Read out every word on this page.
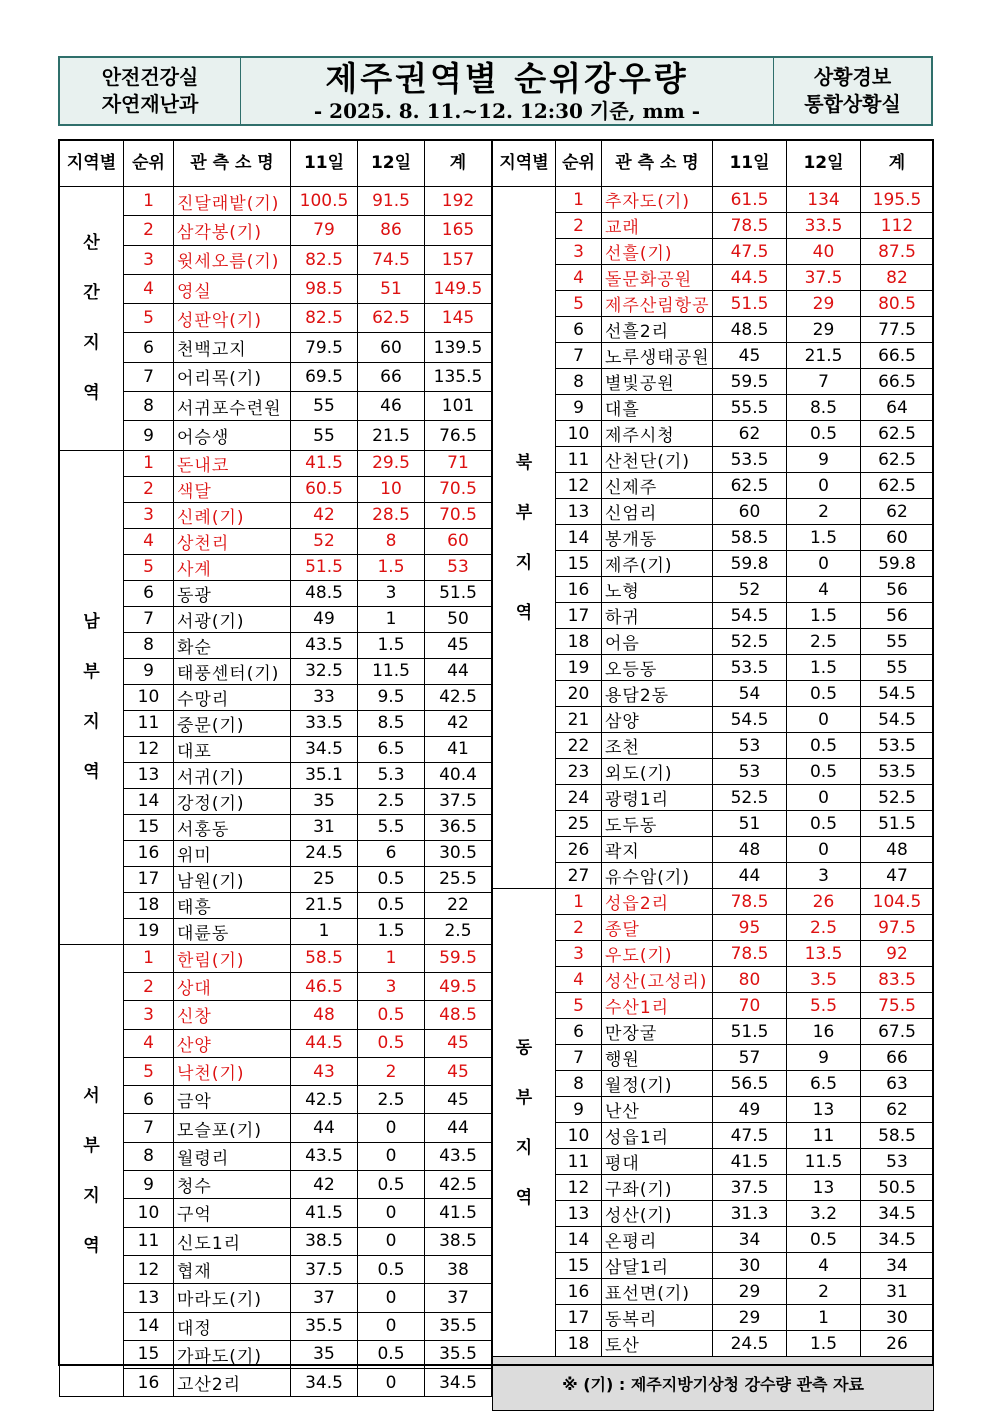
안전건강실
자연재난과
제주권역별 순위강우량
- 2025. 8. 11.~12. 12:30 기준, mm -
상황경보
통합상황실
지역별	순위	관 측 소 명	11일	12일	계
산
간
지
역	1	진달래밭(기)	100.5	91.5	192
	2	삼각봉(기)	79	86	165
	3	윗세오름(기)	82.5	74.5	157
	4	영실	98.5	51	149.5
	5	성판악(기)	82.5	62.5	145
	6	천백고지	79.5	60	139.5
	7	어리목(기)	69.5	66	135.5
	8	서귀포수련원	55	46	101
	9	어승생	55	21.5	76.5
남
부
지
역	1	돈내코	41.5	29.5	71
	2	색달	60.5	10	70.5
	3	신례(기)	42	28.5	70.5
	4	상천리	52	8	60
	5	사계	51.5	1.5	53
	6	동광	48.5	3	51.5
	7	서광(기)	49	1	50
	8	화순	43.5	1.5	45
	9	태풍센터(기)	32.5	11.5	44
	10	수망리	33	9.5	42.5
	11	중문(기)	33.5	8.5	42
	12	대포	34.5	6.5	41
	13	서귀(기)	35.1	5.3	40.4
	14	강정(기)	35	2.5	37.5
	15	서홍동	31	5.5	36.5
	16	위미	24.5	6	30.5
	17	남원(기)	25	0.5	25.5
	18	태흥	21.5	0.5	22
	19	대륜동	1	1.5	2.5
서
부
지
역	1	한림(기)	58.5	1	59.5
	2	상대	46.5	3	49.5
	3	신창	48	0.5	48.5
	4	산양	44.5	0.5	45
	5	낙천(기)	43	2	45
	6	금악	42.5	2.5	45
	7	모슬포(기)	44	0	44
	8	월령리	43.5	0	43.5
	9	청수	42	0.5	42.5
	10	구억	41.5	0	41.5
	11	신도1리	38.5	0	38.5
	12	협재	37.5	0.5	38
	13	마라도(기)	37	0	37
	14	대정	35.5	0	35.5
	15	가파도(기)	35	0.5	35.5
	16	고산2리	34.5	0	34.5
지역별	순위	관 측 소 명	11일	12일	계
북
부
지
역	1	추자도(기)	61.5	134	195.5
	2	교래	78.5	33.5	112
	3	선흘(기)	47.5	40	87.5
	4	돌문화공원	44.5	37.5	82
	5	제주산림항공	51.5	29	80.5
	6	선흘2리	48.5	29	77.5
	7	노루생태공원	45	21.5	66.5
	8	별빛공원	59.5	7	66.5
	9	대흘	55.5	8.5	64
	10	제주시청	62	0.5	62.5
	11	산천단(기)	53.5	9	62.5
	12	신제주	62.5	0	62.5
	13	신엄리	60	2	62
	14	봉개동	58.5	1.5	60
	15	제주(기)	59.8	0	59.8
	16	노형	52	4	56
	17	하귀	54.5	1.5	56
	18	어음	52.5	2.5	55
	19	오등동	53.5	1.5	55
	20	용담2동	54	0.5	54.5
	21	삼양	54.5	0	54.5
	22	조천	53	0.5	53.5
	23	외도(기)	53	0.5	53.5
	24	광령1리	52.5	0	52.5
	25	도두동	51	0.5	51.5
	26	곽지	48	0	48
	27	유수암(기)	44	3	47
동
부
지
역	1	성읍2리	78.5	26	104.5
	2	종달	95	2.5	97.5
	3	우도(기)	78.5	13.5	92
	4	성산(고성리)	80	3.5	83.5
	5	수산1리	70	5.5	75.5
	6	만장굴	51.5	16	67.5
	7	행원	57	9	66
	8	월정(기)	56.5	6.5	63
	9	난산	49	13	62
	10	성읍1리	47.5	11	58.5
	11	평대	41.5	11.5	53
	12	구좌(기)	37.5	13	50.5
	13	성산(기)	31.3	3.2	34.5
	14	온평리	34	0.5	34.5
	15	삼달1리	30	4	34
	16	표선면(기)	29	2	31
	17	동복리	29	1	30
	18	토산	24.5	1.5	26
※ (기) : 제주지방기상청 강수량 관측 자료					
